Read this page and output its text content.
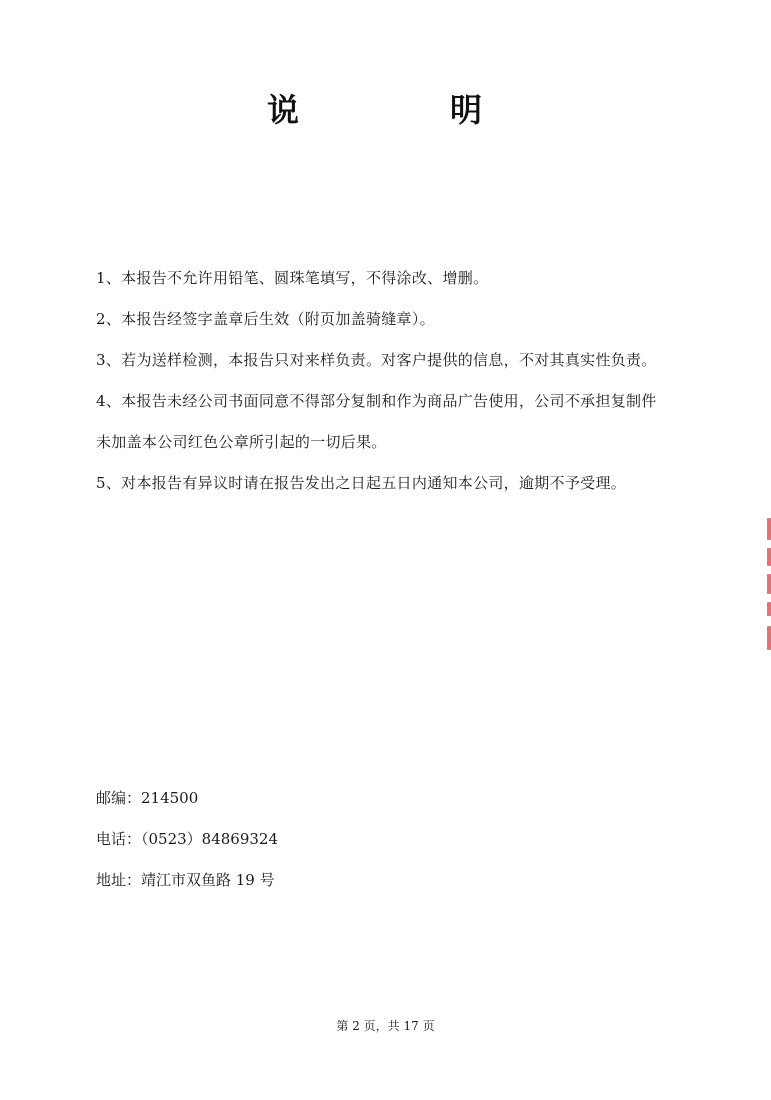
说	明
1、本报告不允许用铅笔、圆珠笔填写，不得涂改、增删。
2、本报告经签字盖章后生效（附页加盖骑缝章）。
3、若为送样检测，本报告只对来样负责。对客户提供的信息，不对其真实性负责。
4、本报告未经公司书面同意不得部分复制和作为商品广告使用，公司不承担复制件未加盖本公司红色公章所引起的一切后果。
5、对本报告有异议时请在报告发出之日起五日内通知本公司，逾期不予受理。
邮编：214500
电话：（0523）84869324
地址：靖江市双鱼路 19 号
第 2 页，共 17 页
